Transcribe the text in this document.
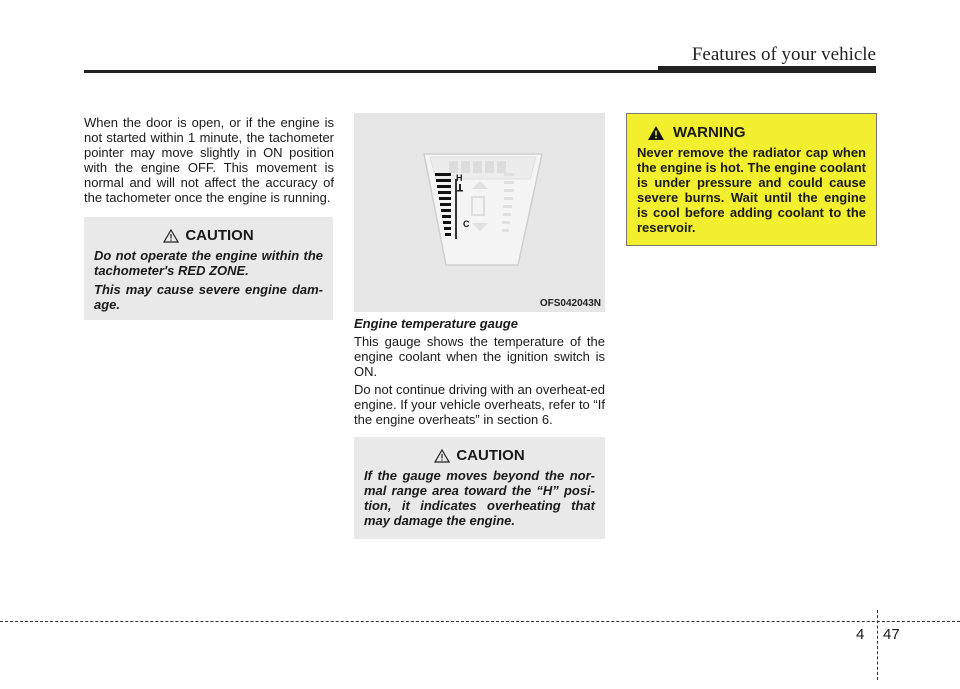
Features of your vehicle

When the door is open, or if the engine is not started within 1 minute, the tachometer pointer may move slightly in ON position with the engine OFF. This movement is normal and will not affect the accuracy of the tachometer once the engine is running.

CAUTION

Do not operate the engine within the tachometer's RED ZONE.

This may cause severe engine dam-age.

H
C
OFS042043N
Engine temperature gauge

This gauge shows the temperature of the engine coolant when the ignition switch is ON.

Do not continue driving with an overheat-ed engine. If your vehicle overheats, refer to “If the engine overheats” in section 6.

CAUTION

If the gauge moves beyond the nor-mal range area toward the “H” posi-tion, it indicates overheating that may damage the engine.

WARNING
Never remove the radiator cap when the engine is hot. The engine coolant is under pressure and could cause severe burns. Wait until the engine is cool before adding coolant to the reservoir.
4 47
